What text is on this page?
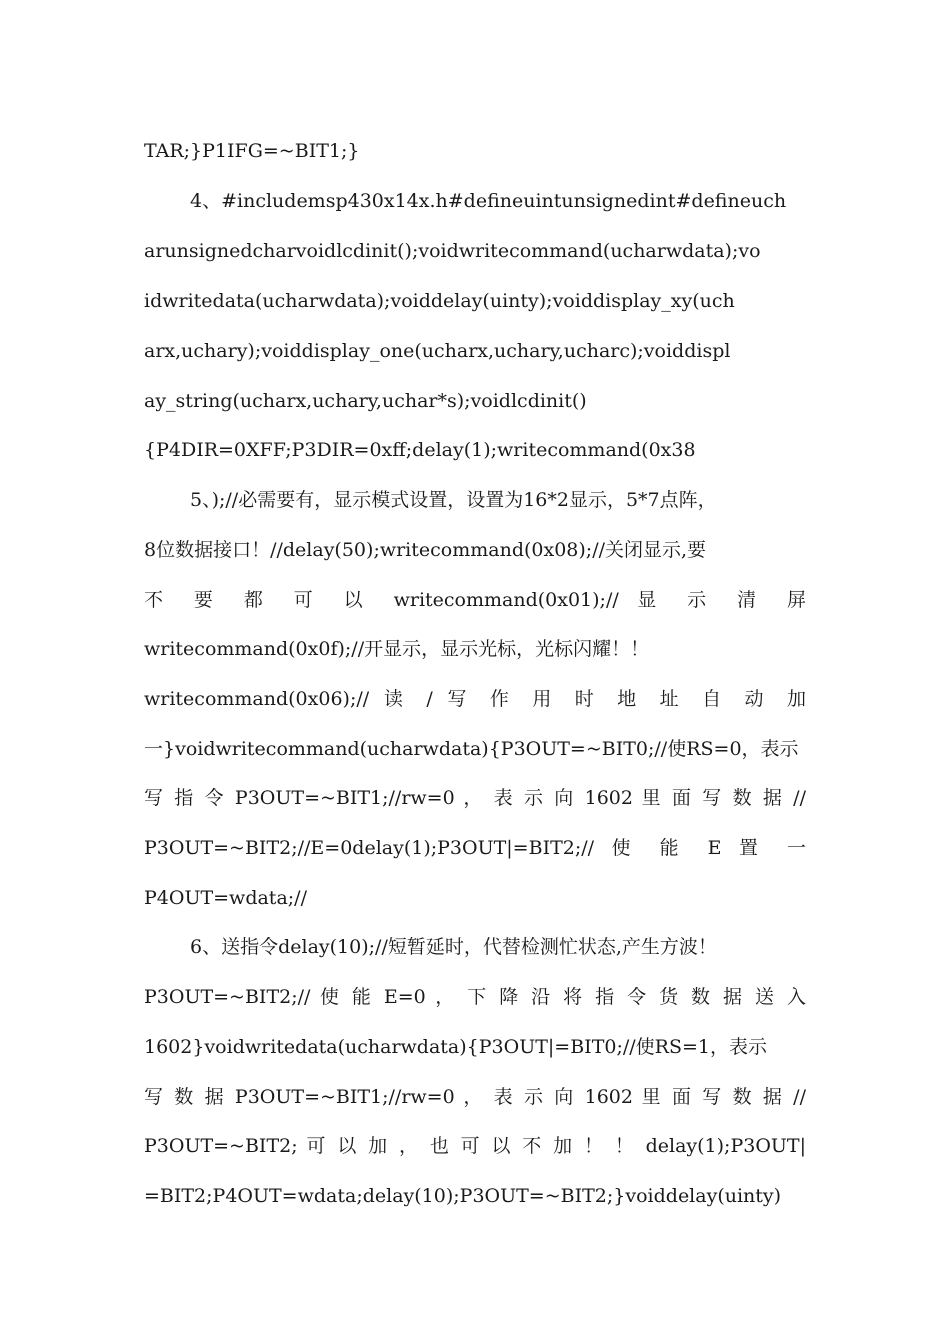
TAR;}P1IFG=~BIT1;}
4、#includemsp430x14x.h#defineuintunsignedint#defineuch
arunsignedcharvoidlcdinit();voidwritecommand(ucharwdata);vo
idwritedata(ucharwdata);voiddelay(uinty);voiddisplay_xy(uch
arx,uchary);voiddisplay_one(ucharx,uchary,ucharc);voiddispl
ay_string(ucharx,uchary,uchar*s);voidlcdinit()
{P4DIR=0XFF;P3DIR=0xff;delay(1);writecommand(0x38
5、);//必需要有，显示模式设置，设置为16*2显示，5*7点阵，
8位数据接口！//delay(50);writecommand(0x08);//关闭显示,要
不 要 都 可 以 writecommand(0x01);// 显 示 清 屏
writecommand(0x0f);//开显示，显示光标，光标闪耀！！
writecommand(0x06);// 读 / 写 作 用 时 地 址 自 动 加
一}voidwritecommand(ucharwdata){P3OUT=~BIT0;//使RS=0，表示
写 指 令 P3OUT=~BIT1;//rw=0 ， 表 示 向 1602 里 面 写 数 据 //
P3OUT=~BIT2;//E=0delay(1);P3OUT|=BIT2;// 使 能 E 置 一
P4OUT=wdata;//
6、送指令delay(10);//短暂延时，代替检测忙状态,产生方波！
P3OUT=~BIT2;// 使 能 E=0 ， 下 降 沿 将 指 令 货 数 据 送 入
1602}voidwritedata(ucharwdata){P3OUT|=BIT0;//使RS=1，表示
写 数 据 P3OUT=~BIT1;//rw=0 ， 表 示 向 1602 里 面 写 数 据 //
P3OUT=~BIT2; 可 以 加 ， 也 可 以 不 加 ！ ！ delay(1);P3OUT|
=BIT2;P4OUT=wdata;delay(10);P3OUT=~BIT2;}voiddelay(uinty)
